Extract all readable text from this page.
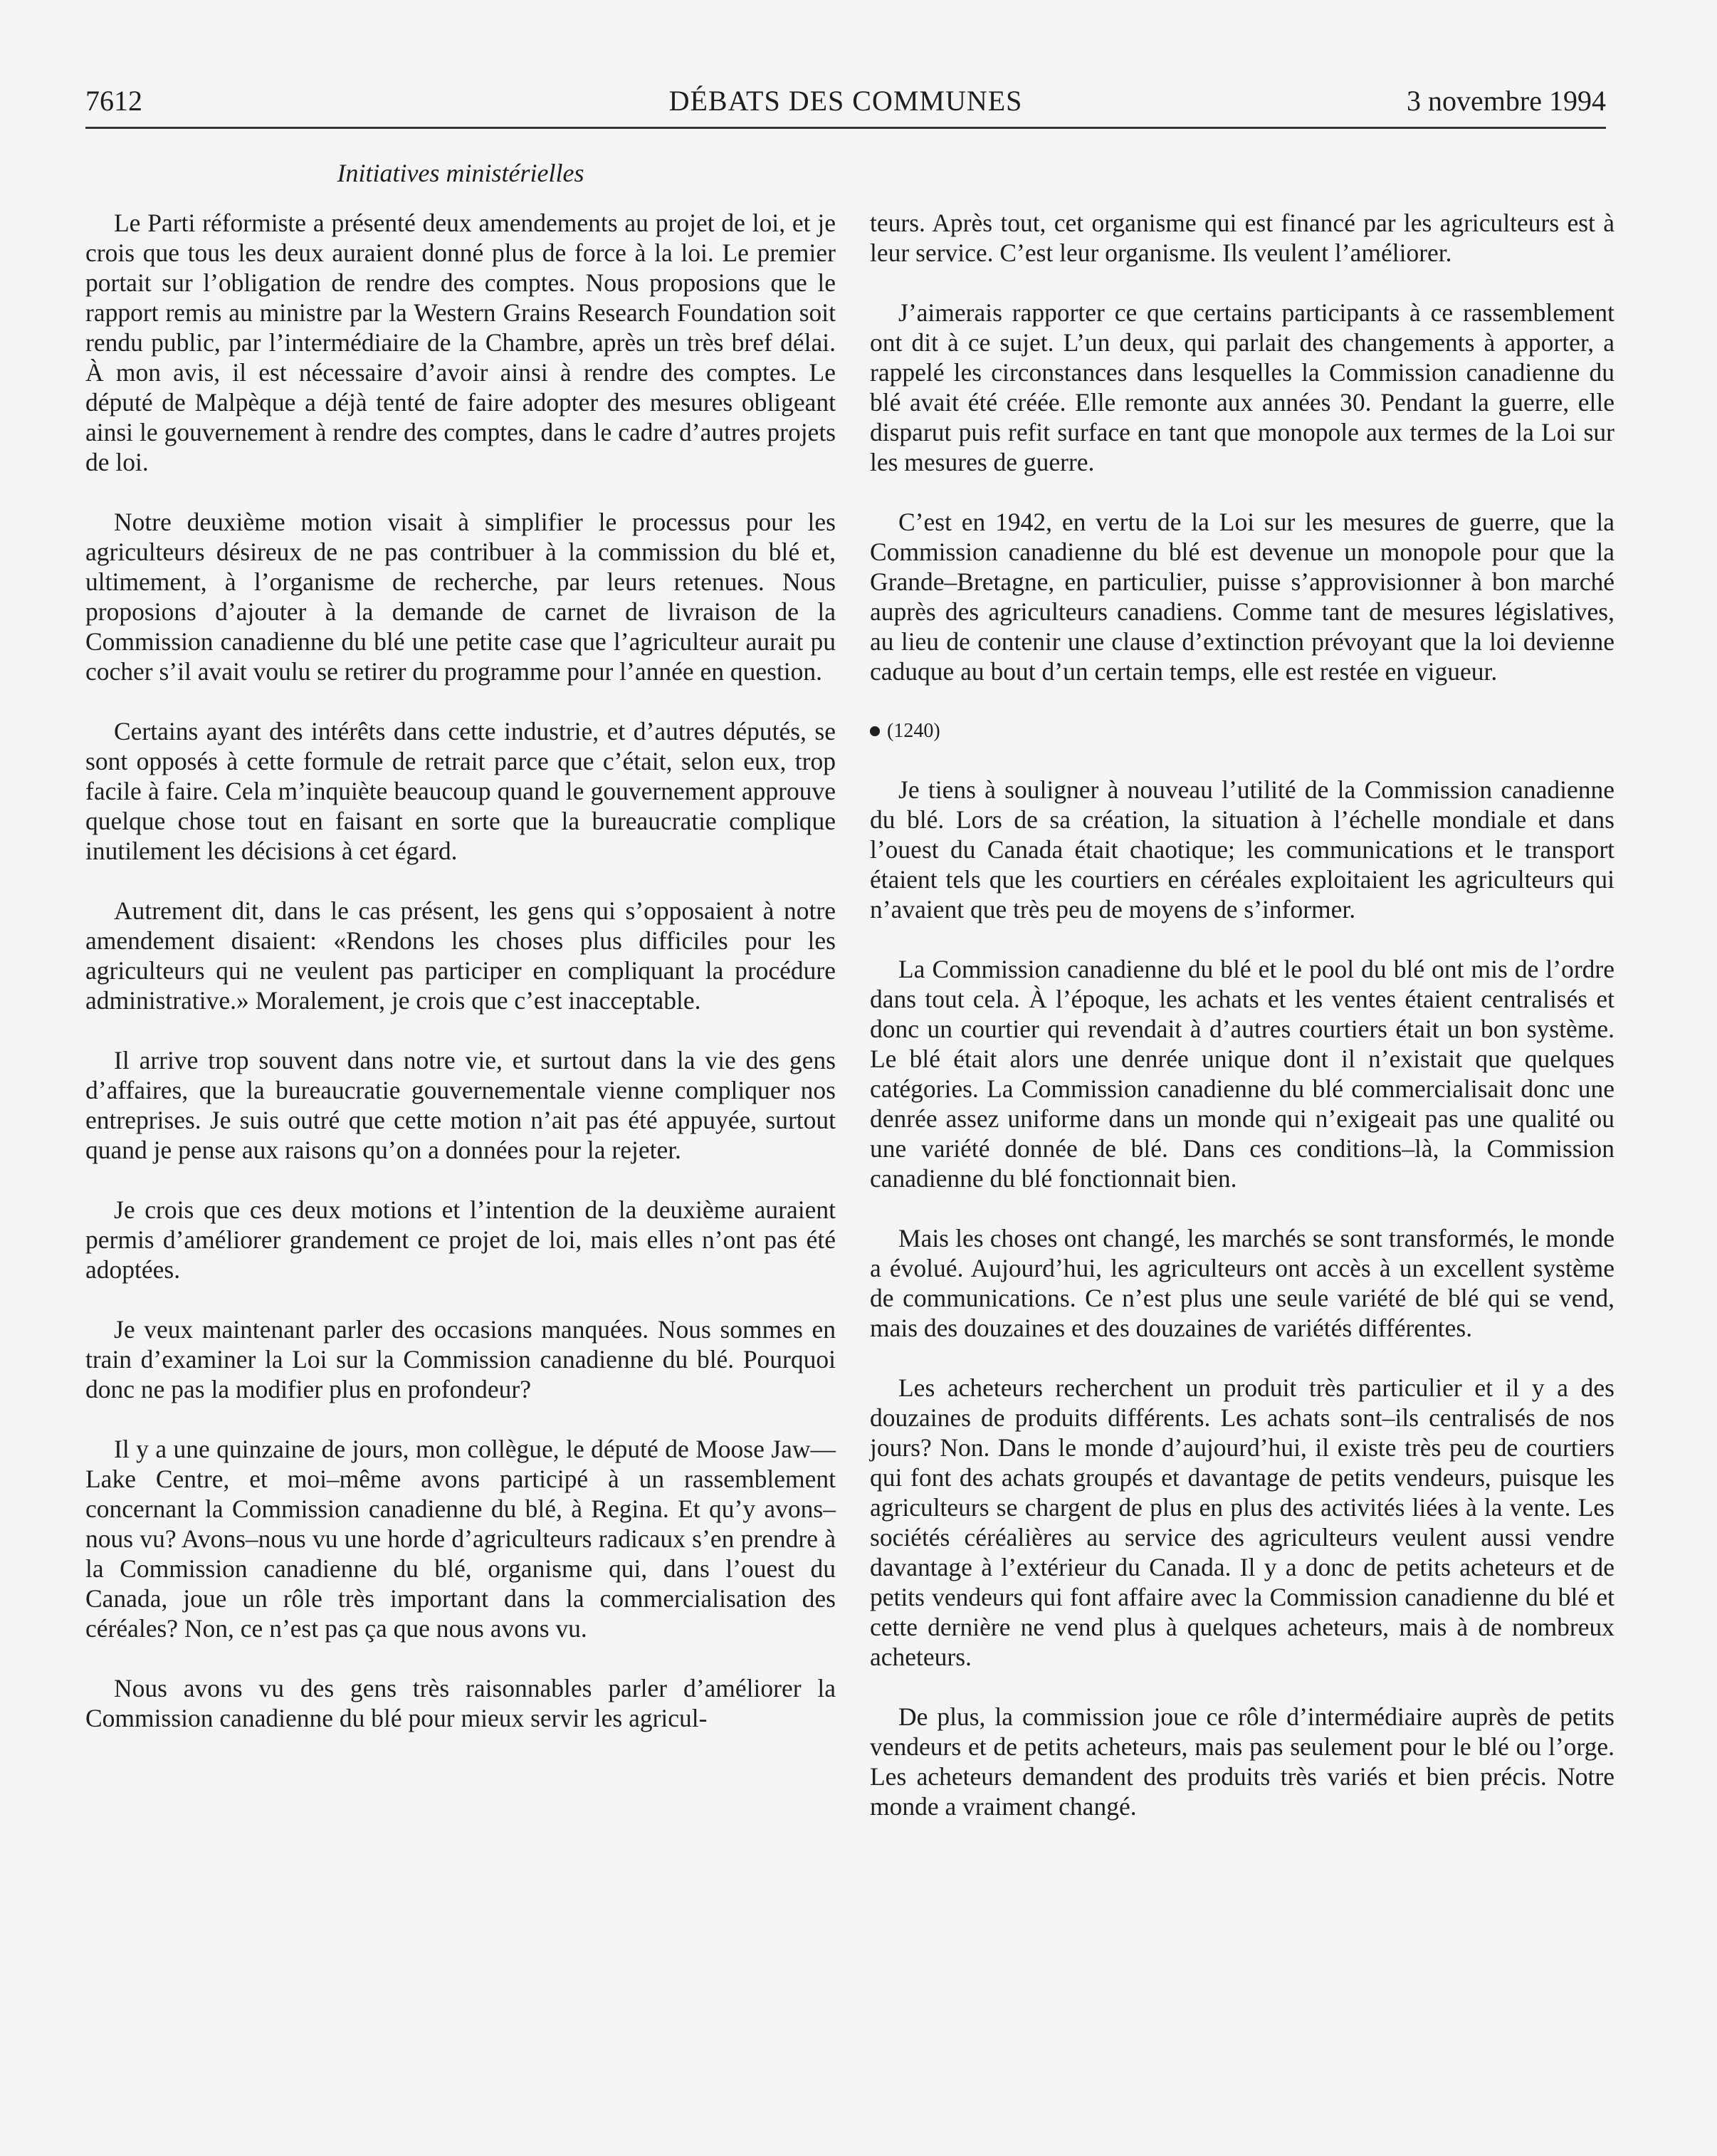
7612	DÉBATS DES COMMUNES	3 novembre 1994
Initiatives ministérielles

Le Parti réformiste a présenté deux amendements au projet de loi, et je crois que tous les deux auraient donné plus de force à la loi. Le premier portait sur l’obligation de rendre des comptes. Nous proposions que le rapport remis au ministre par la Western Grains Research Foundation soit rendu public, par l’intermédiaire de la Chambre, après un très bref délai. À mon avis, il est nécessaire d’avoir ainsi à rendre des comptes. Le député de Malpèque a déjà tenté de faire adopter des mesures obligeant ainsi le gouvernement à rendre des comptes, dans le cadre d’autres projets de loi.

Notre deuxième motion visait à simplifier le processus pour les agriculteurs désireux de ne pas contribuer à la commission du blé et, ultimement, à l’organisme de recherche, par leurs retenues. Nous proposions d’ajouter à la demande de carnet de livraison de la Commission canadienne du blé une petite case que l’agriculteur aurait pu cocher s’il avait voulu se retirer du programme pour l’année en question.

Certains ayant des intérêts dans cette industrie, et d’autres députés, se sont opposés à cette formule de retrait parce que c’était, selon eux, trop facile à faire. Cela m’inquiète beaucoup quand le gouvernement approuve quelque chose tout en faisant en sorte que la bureaucratie complique inutilement les décisions à cet égard.

Autrement dit, dans le cas présent, les gens qui s’opposaient à notre amendement disaient: «Rendons les choses plus difficiles pour les agriculteurs qui ne veulent pas participer en compliquant la procédure administrative.» Moralement, je crois que c’est inacceptable.

Il arrive trop souvent dans notre vie, et surtout dans la vie des gens d’affaires, que la bureaucratie gouvernementale vienne compliquer nos entreprises. Je suis outré que cette motion n’ait pas été appuyée, surtout quand je pense aux raisons qu’on a données pour la rejeter.

Je crois que ces deux motions et l’intention de la deuxième auraient permis d’améliorer grandement ce projet de loi, mais elles n’ont pas été adoptées.

Je veux maintenant parler des occasions manquées. Nous sommes en train d’examiner la Loi sur la Commission canadienne du blé. Pourquoi donc ne pas la modifier plus en profondeur?

Il y a une quinzaine de jours, mon collègue, le député de Moose Jaw—Lake Centre, et moi–même avons participé à un rassemblement concernant la Commission canadienne du blé, à Regina. Et qu’y avons–nous vu? Avons–nous vu une horde d’agriculteurs radicaux s’en prendre à la Commission canadienne du blé, organisme qui, dans l’ouest du Canada, joue un rôle très important dans la commercialisation des céréales? Non, ce n’est pas ça que nous avons vu.

Nous avons vu des gens très raisonnables parler d’améliorer la Commission canadienne du blé pour mieux servir les agricul-

teurs. Après tout, cet organisme qui est financé par les agriculteurs est à leur service. C’est leur organisme. Ils veulent l’améliorer.

J’aimerais rapporter ce que certains participants à ce rassemblement ont dit à ce sujet. L’un deux, qui parlait des changements à apporter, a rappelé les circonstances dans lesquelles la Commission canadienne du blé avait été créée. Elle remonte aux années 30. Pendant la guerre, elle disparut puis refit surface en tant que monopole aux termes de la Loi sur les mesures de guerre.

C’est en 1942, en vertu de la Loi sur les mesures de guerre, que la Commission canadienne du blé est devenue un monopole pour que la Grande–Bretagne, en particulier, puisse s’approvisionner à bon marché auprès des agriculteurs canadiens. Comme tant de mesures législatives, au lieu de contenir une clause d’extinction prévoyant que la loi devienne caduque au bout d’un certain temps, elle est restée en vigueur.

(1240)

Je tiens à souligner à nouveau l’utilité de la Commission canadienne du blé. Lors de sa création, la situation à l’échelle mondiale et dans l’ouest du Canada était chaotique; les communications et le transport étaient tels que les courtiers en céréales exploitaient les agriculteurs qui n’avaient que très peu de moyens de s’informer.

La Commission canadienne du blé et le pool du blé ont mis de l’ordre dans tout cela. À l’époque, les achats et les ventes étaient centralisés et donc un courtier qui revendait à d’autres courtiers était un bon système. Le blé était alors une denrée unique dont il n’existait que quelques catégories. La Commission canadienne du blé commercialisait donc une denrée assez uniforme dans un monde qui n’exigeait pas une qualité ou une variété donnée de blé. Dans ces conditions–là, la Commission canadienne du blé fonctionnait bien.

Mais les choses ont changé, les marchés se sont transformés, le monde a évolué. Aujourd’hui, les agriculteurs ont accès à un excellent système de communications. Ce n’est plus une seule variété de blé qui se vend, mais des douzaines et des douzaines de variétés différentes.

Les acheteurs recherchent un produit très particulier et il y a des douzaines de produits différents. Les achats sont–ils centralisés de nos jours? Non. Dans le monde d’aujourd’hui, il existe très peu de courtiers qui font des achats groupés et davantage de petits vendeurs, puisque les agriculteurs se chargent de plus en plus des activités liées à la vente. Les sociétés céréalières au service des agriculteurs veulent aussi vendre davantage à l’extérieur du Canada. Il y a donc de petits acheteurs et de petits vendeurs qui font affaire avec la Commission canadienne du blé et cette dernière ne vend plus à quelques acheteurs, mais à de nombreux acheteurs.

De plus, la commission joue ce rôle d’intermédiaire auprès de petits vendeurs et de petits acheteurs, mais pas seulement pour le blé ou l’orge. Les acheteurs demandent des produits très variés et bien précis. Notre monde a vraiment changé.
